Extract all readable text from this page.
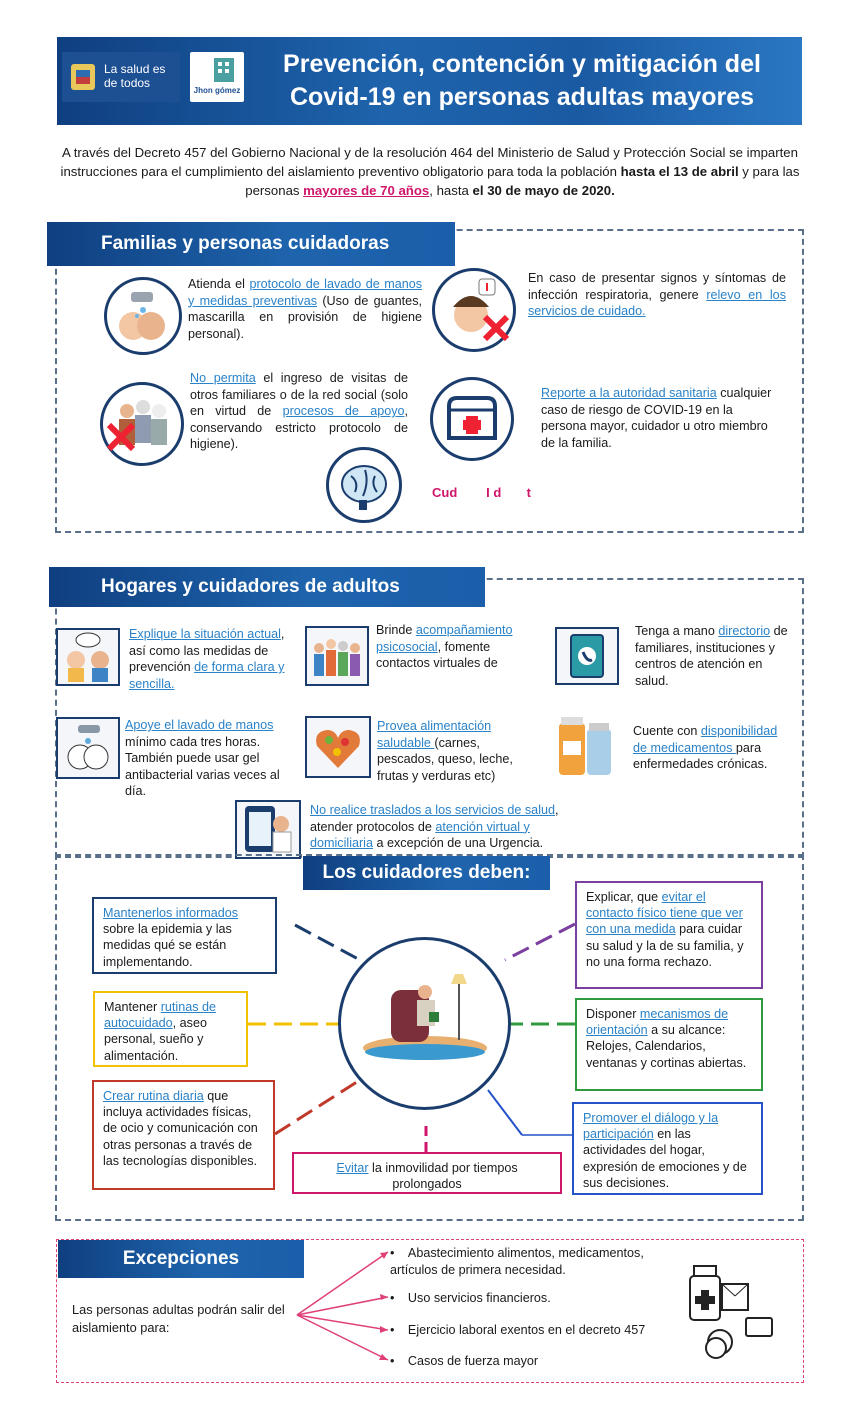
La salud es de todos
Jhon gómez
Prevención, contención y mitigación del
Covid-19 en personas adultas mayores
A través del Decreto 457 del Gobierno Nacional y de la resolución 464 del Ministerio de Salud y Protección Social se imparten instrucciones para el cumplimiento del aislamiento preventivo obligatorio para toda la población hasta el 13 de abril y para las personas mayores de 70 años, hasta el 30 de mayo de 2020.
Familias y personas cuidadoras
Atienda el protocolo de lavado de manos y medidas preventivas (Uso de guantes, mascarilla en provisión de higiene personal).
En caso de presentar signos y síntomas de infección respiratoria, genere relevo en los servicios de cuidado.
No permita el ingreso de visitas de otros familiares o de la red social (solo en virtud de procesos de apoyo, conservando estricto protocolo de higiene).
Reporte a la autoridad sanitaria cualquier caso de riesgo de COVID-19 en la persona mayor, cuidador u otro miembro de la familia.
Cud        I d       t
Hogares y cuidadores de adultos
Explique la situación actual, así como las medidas de prevención de forma clara y sencilla.
Brinde acompañamiento psicosocial, fomente contactos virtuales de
Tenga a mano directorio de familiares, instituciones y centros de atención en salud.
Apoye el lavado de manos mínimo cada tres horas. También puede usar gel antibacterial varias veces al día.
Provea alimentación saludable (carnes, pescados, queso, leche, frutas y verduras etc)
Cuente con disponibilidad de medicamentos para enfermedades crónicas.
No realice traslados a los servicios de salud, atender protocolos de atención virtual y domiciliaria a excepción de una Urgencia.
Los cuidadores deben:
Mantenerlos informados sobre la epidemia y las medidas qué se están implementando.
Mantener rutinas de autocuidado, aseo personal, sueño y alimentación.
Crear rutina diaria que incluya actividades físicas, de ocio y comunicación con otras personas a través de las tecnologías disponibles.
Evitar la inmovilidad por tiempos prolongados
Explicar, que evitar el contacto físico tiene que ver con una medida para cuidar su salud y la de su familia, y no una forma rechazo.
Disponer mecanismos de orientación a su alcance: Relojes, Calendarios, ventanas y cortinas abiertas.
Promover el diálogo y la participación en las actividades del hogar, expresión de emociones y de sus decisiones.
Excepciones
Las personas adultas podrán salir del aislamiento para:
• Abastecimiento alimentos, medicamentos, artículos de primera necesidad.
• Uso servicios financieros.
• Ejercicio laboral exentos en el decreto 457
• Casos de fuerza mayor
